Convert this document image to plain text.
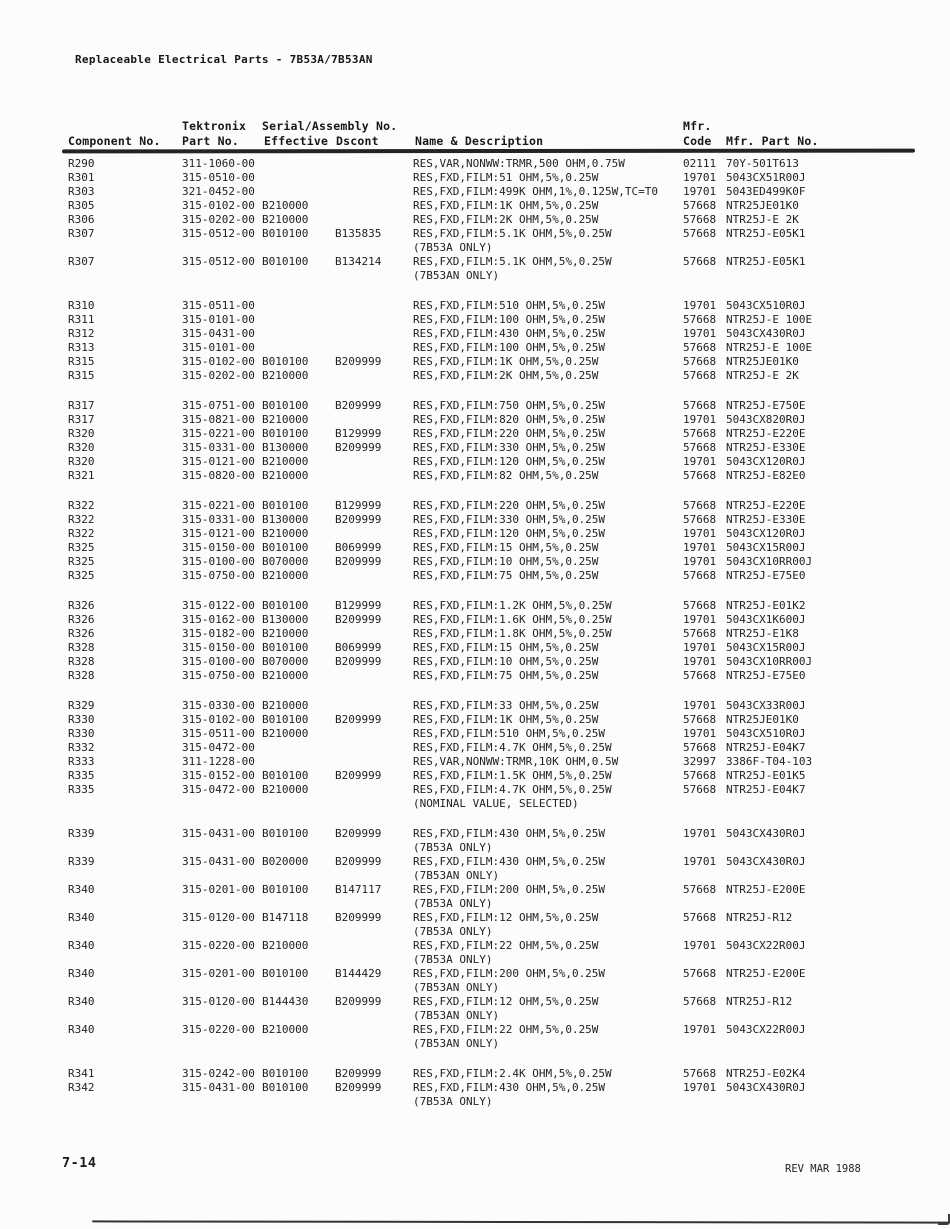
Replaceable Electrical Parts - 7B53A/7B53AN
Tektronix Serial/Assembly No.	Mfr.
Component No. Part No. Effective Dscont	Name & Description	Code Mfr. Part No.
R290	311-1060-00	RES,VAR,NONWW:TRMR,500 OHM,0.75W	02111 70Y-501T613
R301	315-0510-00	RES,FXD,FILM:51 OHM,5%,0.25W	19701 5043CX51R00J
R303	321-0452-00	RES,FXD,FILM:499K OHM,1%,0.125W,TC=T0 19701 5043ED499K0F
R305	315-0102-00 B210000	RES,FXD,FILM:1K OHM,5%,0.25W	57668 NTR25JE01K0
R306	315-0202-00 B210000	RES,FXD,FILM:2K OHM,5%,0.25W	57668 NTR25J-E 2K
R307	315-0512-00 B010100 B135835	RES,FXD,FILM:5.1K OHM,5%,0.25W	57668 NTR25J-E05K1
(7B53A ONLY)
R307	315-0512-00 B010100 B134214	RES,FXD,FILM:5.1K OHM,5%,0.25W	57668 NTR25J-E05K1
(7B53AN ONLY)
R310	315-0511-00	RES,FXD,FILM:510 OHM,5%,0.25W	19701 5043CX510R0J
R311	315-0101-00	RES,FXD,FILM:100 OHM,5%,0.25W	57668 NTR25J-E 100E
R312	315-0431-00	RES,FXD,FILM:430 OHM,5%,0.25W	19701 5043CX430R0J
R313	315-0101-00	RES,FXD,FILM:100 OHM,5%,0.25W	57668 NTR25J-E 100E
R315	315-0102-00 B010100 B209999	RES,FXD,FILM:1K OHM,5%,0.25W	57668 NTR25JE01K0
R315	315-0202-00 B210000	RES,FXD,FILM:2K OHM,5%,0.25W	57668 NTR25J-E 2K
R317	315-0751-00 B010100 B209999	RES,FXD,FILM:750 OHM,5%,0.25W	57668 NTR25J-E750E
R317	315-0821-00 B210000	RES,FXD,FILM:820 OHM,5%,0.25W	19701 5043CX820R0J
R320	315-0221-00 B010100 B129999	RES,FXD,FILM:220 OHM,5%,0.25W	57668 NTR25J-E220E
R320	315-0331-00 B130000 B209999	RES,FXD,FILM:330 OHM,5%,0.25W	57668 NTR25J-E330E
R320	315-0121-00 B210000	RES,FXD,FILM:120 OHM,5%,0.25W	19701 5043CX120R0J
R321	315-0820-00 B210000	RES,FXD,FILM:82 OHM,5%,0.25W	57668 NTR25J-E82E0
R322	315-0221-00 B010100 B129999	RES,FXD,FILM:220 OHM,5%,0.25W	57668 NTR25J-E220E
R322	315-0331-00 B130000 B209999	RES,FXD,FILM:330 OHM,5%,0.25W	57668 NTR25J-E330E
R322	315-0121-00 B210000	RES,FXD,FILM:120 OHM,5%,0.25W	19701 5043CX120R0J
R325	315-0150-00 B010100 B069999	RES,FXD,FILM:15 OHM,5%,0.25W	19701 5043CX15R00J
R325	315-0100-00 B070000 B209999	RES,FXD,FILM:10 OHM,5%,0.25W	19701 5043CX10RR00J
R325	315-0750-00 B210000	RES,FXD,FILM:75 OHM,5%,0.25W	57668 NTR25J-E75E0
R326	315-0122-00 B010100 B129999	RES,FXD,FILM:1.2K OHM,5%,0.25W	57668 NTR25J-E01K2
R326	315-0162-00 B130000 B209999	RES,FXD,FILM:1.6K OHM,5%,0.25W	19701 5043CX1K600J
R326	315-0182-00 B210000	RES,FXD,FILM:1.8K OHM,5%,0.25W	57668 NTR25J-E1K8
R328	315-0150-00 B010100 B069999	RES,FXD,FILM:15 OHM,5%,0.25W	19701 5043CX15R00J
R328	315-0100-00 B070000 B209999	RES,FXD,FILM:10 OHM,5%,0.25W	19701 5043CX10RR00J
R328	315-0750-00 B210000	RES,FXD,FILM:75 OHM,5%,0.25W	57668 NTR25J-E75E0
R329	315-0330-00 B210000	RES,FXD,FILM:33 OHM,5%,0.25W	19701 5043CX33R00J
R330	315-0102-00 B010100 B209999	RES,FXD,FILM:1K OHM,5%,0.25W	57668 NTR25JE01K0
R330	315-0511-00 B210000	RES,FXD,FILM:510 OHM,5%,0.25W	19701 5043CX510R0J
R332	315-0472-00	RES,FXD,FILM:4.7K OHM,5%,0.25W	57668 NTR25J-E04K7
R333	311-1228-00	RES,VAR,NONWW:TRMR,10K OHM,0.5W	32997 3386F-T04-103
R335	315-0152-00 B010100 B209999	RES,FXD,FILM:1.5K OHM,5%,0.25W	57668 NTR25J-E01K5
R335	315-0472-00 B210000	RES,FXD,FILM:4.7K OHM,5%,0.25W	57668 NTR25J-E04K7
(NOMINAL VALUE, SELECTED)
R339	315-0431-00 B010100 B209999	RES,FXD,FILM:430 OHM,5%,0.25W	19701 5043CX430R0J
(7B53A ONLY)
R339	315-0431-00 B020000 B209999	RES,FXD,FILM:430 OHM,5%,0.25W	19701 5043CX430R0J
(7B53AN ONLY)
R340	315-0201-00 B010100 B147117	RES,FXD,FILM:200 OHM,5%,0.25W	57668 NTR25J-E200E
(7B53A ONLY)
R340	315-0120-00 B147118 B209999	RES,FXD,FILM:12 OHM,5%,0.25W	57668 NTR25J-R12
(7B53A ONLY)
R340	315-0220-00 B210000	RES,FXD,FILM:22 OHM,5%,0.25W	19701 5043CX22R00J
(7B53A ONLY)
R340	315-0201-00 B010100 B144429	RES,FXD,FILM:200 OHM,5%,0.25W	57668 NTR25J-E200E
(7B53AN ONLY)
R340	315-0120-00 B144430 B209999	RES,FXD,FILM:12 OHM,5%,0.25W	57668 NTR25J-R12
(7B53AN ONLY)
R340	315-0220-00 B210000	RES,FXD,FILM:22 OHM,5%,0.25W	19701 5043CX22R00J
(7B53AN ONLY)
R341	315-0242-00 B010100 B209999	RES,FXD,FILM:2.4K OHM,5%,0.25W	57668 NTR25J-E02K4
R342	315-0431-00 B010100 B209999	RES,FXD,FILM:430 OHM,5%,0.25W	19701 5043CX430R0J
(7B53A ONLY)
7-14	REV MAR 1988
